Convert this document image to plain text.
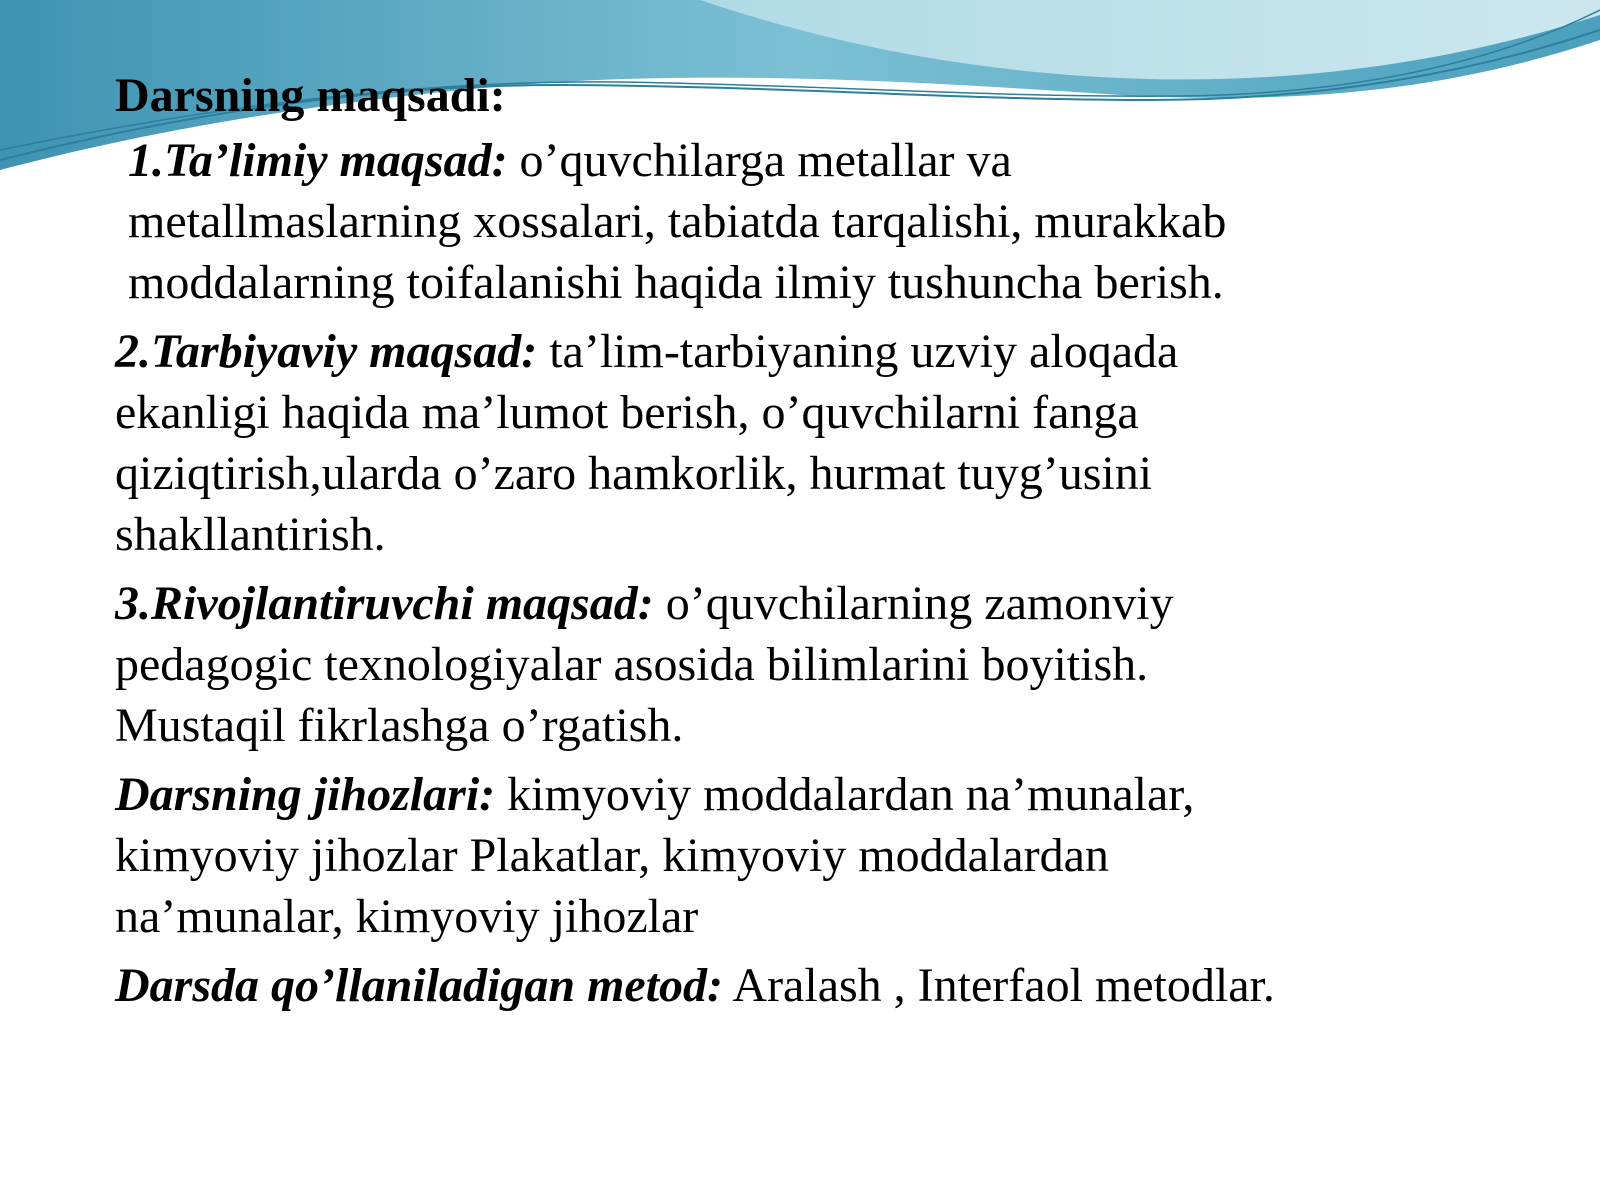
Darsning maqsadi:
1.Ta’limiy maqsad: o’quvchilarga metallar va
metallmaslarning xossalari, tabiatda tarqalishi, murakkab
moddalarning toifalanishi haqida ilmiy tushuncha berish.
2.Tarbiyaviy maqsad: ta’lim-tarbiyaning uzviy aloqada
ekanligi haqida ma’lumot berish, o’quvchilarni fanga
qiziqtirish,ularda o’zaro hamkorlik, hurmat tuyg’usini
shakllantirish.
3.Rivojlantiruvchi maqsad: o’quvchilarning zamonviy
pedagogic texnologiyalar asosida bilimlarini boyitish.
Mustaqil fikrlashga o’rgatish.
Darsning jihozlari: kimyoviy moddalardan na’munalar,
kimyoviy jihozlar Plakatlar, kimyoviy moddalardan
na’munalar, kimyoviy jihozlar
Darsda qo’llaniladigan metod: Aralash , Interfaol metodlar.
